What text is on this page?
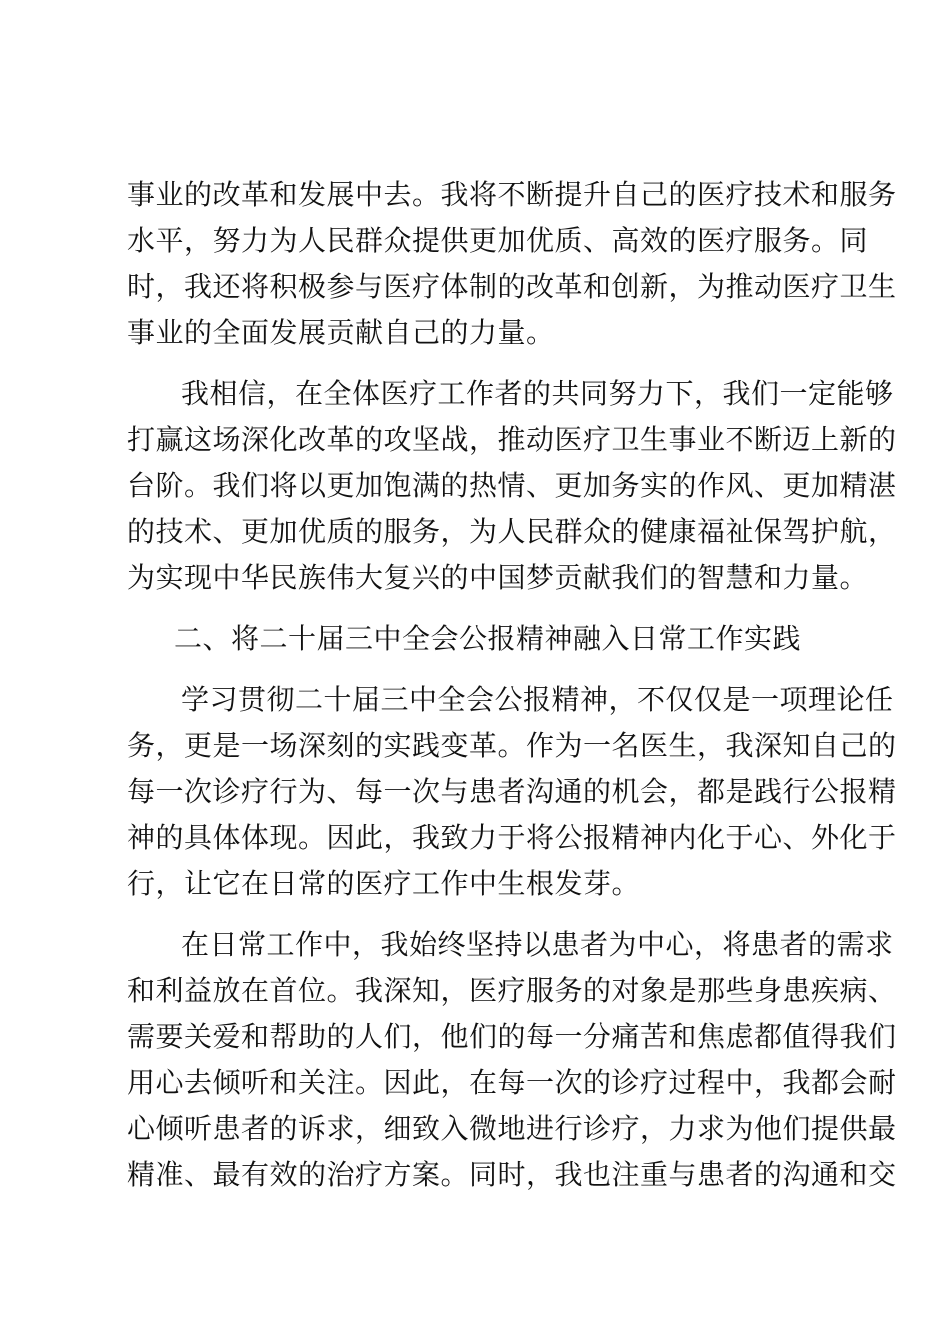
事业的改革和发展中去。我将不断提升自己的医疗技术和服务
水平，努力为人民群众提供更加优质、高效的医疗服务。同
时，我还将积极参与医疗体制的改革和创新，为推动医疗卫生
事业的全面发展贡献自己的力量。
我相信，在全体医疗工作者的共同努力下，我们一定能够
打赢这场深化改革的攻坚战，推动医疗卫生事业不断迈上新的
台阶。我们将以更加饱满的热情、更加务实的作风、更加精湛
的技术、更加优质的服务，为人民群众的健康福祉保驾护航，
为实现中华民族伟大复兴的中国梦贡献我们的智慧和力量。
二、将二十届三中全会公报精神融入日常工作实践
学习贯彻二十届三中全会公报精神，不仅仅是一项理论任
务，更是一场深刻的实践变革。作为一名医生，我深知自己的
每一次诊疗行为、每一次与患者沟通的机会，都是践行公报精
神的具体体现。因此，我致力于将公报精神内化于心、外化于
行，让它在日常的医疗工作中生根发芽。
在日常工作中，我始终坚持以患者为中心，将患者的需求
和利益放在首位。我深知，医疗服务的对象是那些身患疾病、
需要关爱和帮助的人们，他们的每一分痛苦和焦虑都值得我们
用心去倾听和关注。因此，在每一次的诊疗过程中，我都会耐
心倾听患者的诉求，细致入微地进行诊疗，力求为他们提供最
精准、最有效的治疗方案。同时，我也注重与患者的沟通和交
